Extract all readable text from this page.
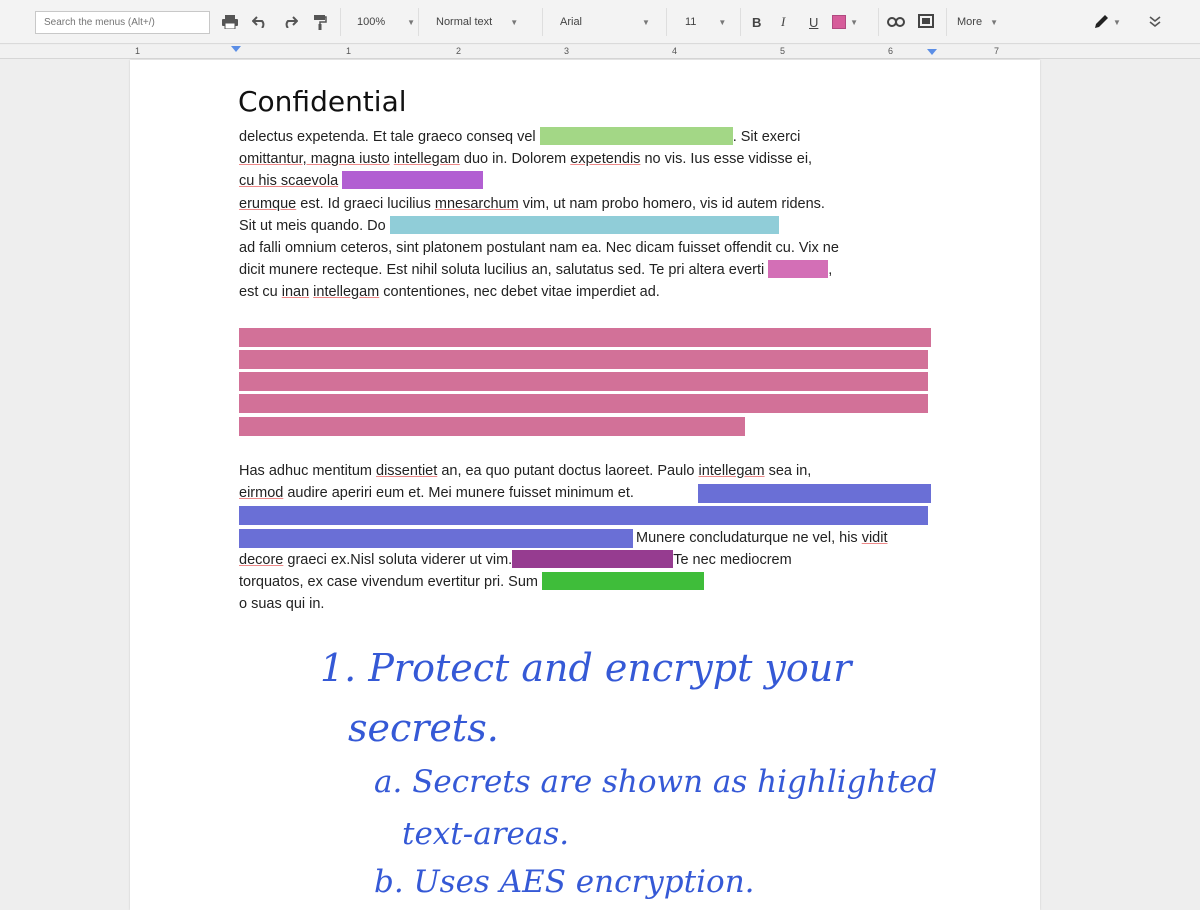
Search the menus (Alt+/)
100%	▼ Normal text ▼	Arial	▼	11	▼ B I U	▼	More ▼	▼
1	1	2	3	4	5	6	7
Confidential
delectus expetenda. Et tale graeco conseq vel	. Sit exerci
omittantur, magna iusto intellegam duo in. Dolorem expetendis no vis. Ius esse vidisse ei,
cu his scaevola
erumque est. Id graeci lucilius mnesarchum vim, ut nam probo homero, vis id autem ridens.
Sit ut meis quando. Do
ad falli omnium ceteros, sint platonem postulant nam ea. Nec dicam fuisset offendit cu. Vix ne
dicit munere recteque. Est nihil soluta lucilius an, salutatus sed. Te pri altera everti	,
est cu inan intellegam contentiones, nec debet vitae imperdiet ad.
Has adhuc mentitum dissentiet an, ea quo putant doctus laoreet. Paulo intellegam sea in,
eirmod audire aperiri eum et. Mei munere fuisset minimum et.
Munere concludaturque ne vel, his vidit
decore graeci ex.Nisl soluta viderer ut vim.	Te nec mediocrem
torquatos, ex case vivendum evertitur pri. Sum
o suas qui in.
1. Protect and encrypt your
secrets.
a. Secrets are shown as highlighted
text-areas.
b. Uses AES encryption.
